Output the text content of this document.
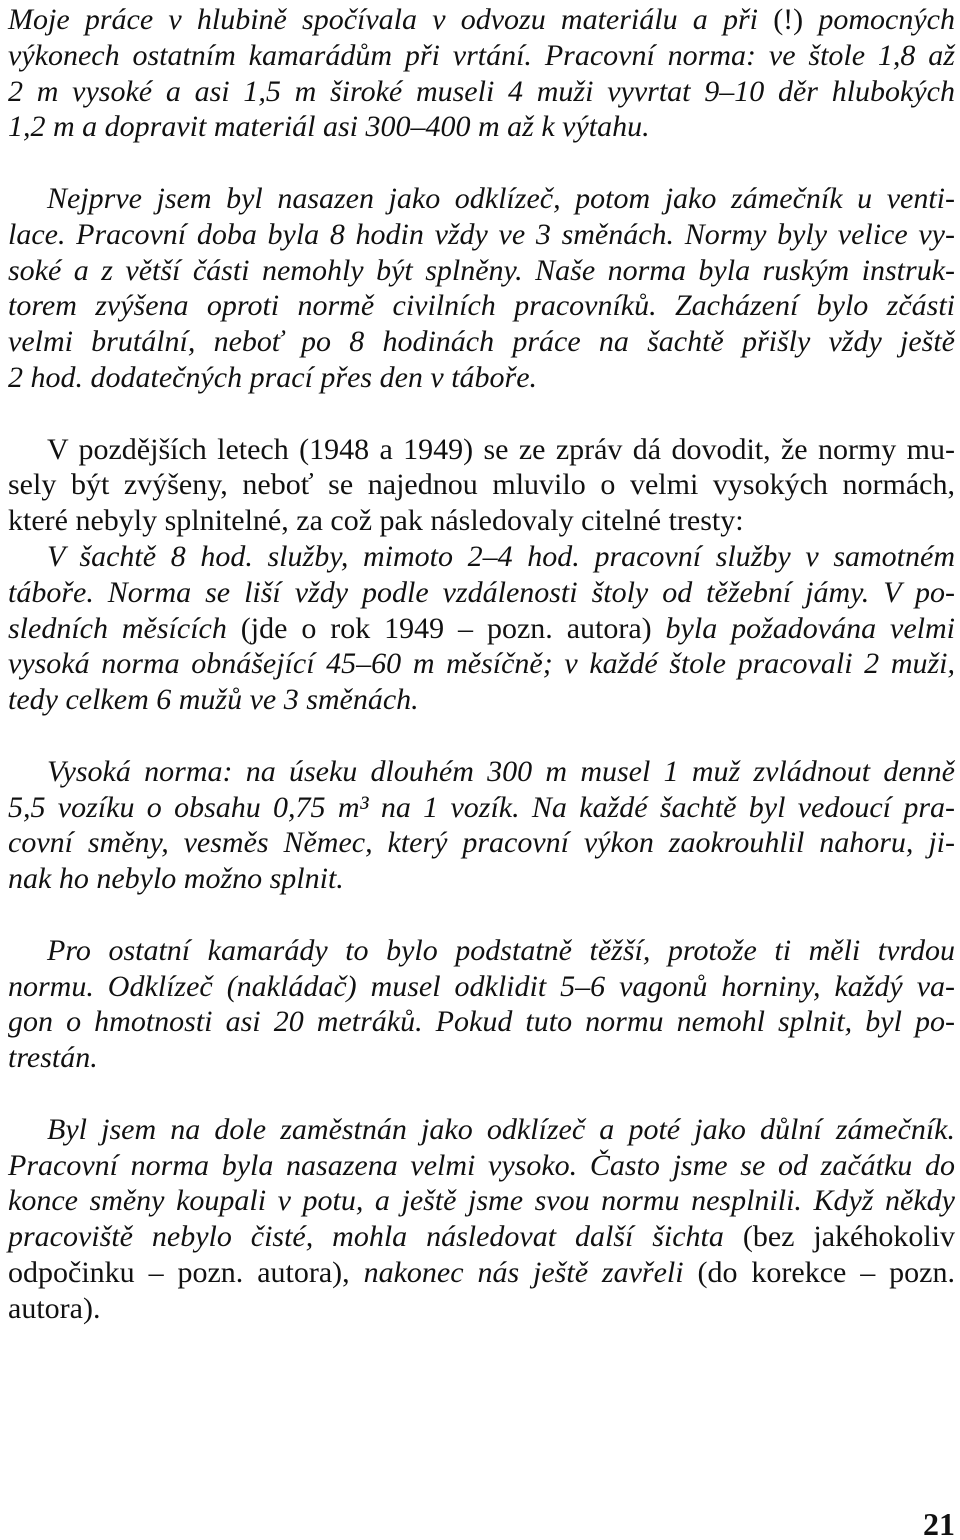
Moje práce v hlubině spočívala v odvozu materiálu a při (!) pomocných
výkonech ostatním kamarádům při vrtání. Pracovní norma: ve štole 1,8 až
2 m vysoké a asi 1,5 m široké museli 4 muži vyvrtat 9–10 děr hlubokých
1,2 m a dopravit materiál asi 300–400 m až k výtahu.
Nejprve jsem byl nasazen jako odklízeč, potom jako zámečník u venti-
lace. Pracovní doba byla 8 hodin vždy ve 3 směnách. Normy byly velice vy-
soké a z větší části nemohly být splněny. Naše norma byla ruským instruk-
torem zvýšena oproti normě civilních pracovníků. Zacházení bylo zčásti
velmi brutální, neboť po 8 hodinách práce na šachtě přišly vždy ještě
2 hod. dodatečných prací přes den v táboře.
V pozdějších letech (1948 a 1949) se ze zpráv dá dovodit, že normy mu-
sely být zvýšeny, neboť se najednou mluvilo o velmi vysokých normách,
které nebyly splnitelné, za což pak následovaly citelné tresty:
V šachtě 8 hod. služby, mimoto 2–4 hod. pracovní služby v samotném
táboře. Norma se liší vždy podle vzdálenosti štoly od těžební jámy. V po-
sledních měsících (jde o rok 1949 – pozn. autora) byla požadována velmi
vysoká norma obnášející 45–60 m měsíčně; v každé štole pracovali 2 muži,
tedy celkem 6 mužů ve 3 směnách.
Vysoká norma: na úseku dlouhém 300 m musel 1 muž zvládnout denně
5,5 vozíku o obsahu 0,75 m³ na 1 vozík. Na každé šachtě byl vedoucí pra-
covní směny, vesměs Němec, který pracovní výkon zaokrouhlil nahoru, ji-
nak ho nebylo možno splnit.
Pro ostatní kamarády to bylo podstatně těžší, protože ti měli tvrdou
normu. Odklízeč (nakládač) musel odklidit 5–6 vagonů horniny, každý va-
gon o hmotnosti asi 20 metráků. Pokud tuto normu nemohl splnit, byl po-
trestán.
Byl jsem na dole zaměstnán jako odklízeč a poté jako důlní zámečník.
Pracovní norma byla nasazena velmi vysoko. Často jsme se od začátku do
konce směny koupali v potu, a ještě jsme svou normu nesplnili. Když někdy
pracoviště nebylo čisté, mohla následovat další šichta (bez jakéhokoliv
odpočinku – pozn. autora), nakonec nás ještě zavřeli (do korekce – pozn.
autora).
21
